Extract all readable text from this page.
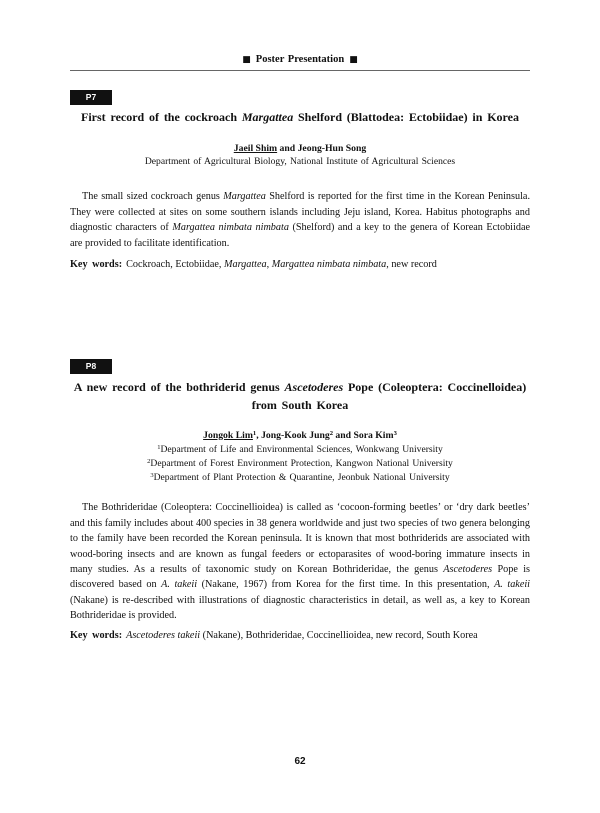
■ Poster Presentation ■
P7
First record of the cockroach Margattea Shelford (Blattodea: Ectobiidae) in Korea
Jaeil Shim and Jeong-Hun Song
Department of Agricultural Biology, National Institute of Agricultural Sciences
The small sized cockroach genus Margattea Shelford is reported for the first time in the Korean Peninsula.
They were collected at sites on some southern islands including Jeju island, Korea. Habitus photographs and
diagnostic characters of Margattea nimbata nimbata (Shelford) and a key to the genera of Korean Ectobiidae
are provided to facilitate identification.
Key words: Cockroach, Ectobiidae, Margattea, Margattea nimbata nimbata, new record
P8
A new record of the bothriderid genus Ascetoderes Pope (Coleoptera: Coccinelloidea)
from South Korea
Jongok Lim$^1$, Jong-Kook Jung$^2$ and Sora Kim$^3$
$^1$Department of Life and Environmental Sciences, Wonkwang University
$^2$Department of Forest Environment Protection, Kangwon National University
$^3$Department of Plant Protection & Quarantine, Jeonbuk National University
The Bothrideridae (Coleoptera: Coccinellioidea) is called as ‘cocoon-forming beetles’ or ‘dry dark beetles’
and this family includes about 400 species in 38 genera worldwide and just two species of two genera belonging
to the family have been recorded the Korean peninsula. It is known that most bothriderids are associated with
wood-boring insects and are known as fungal feeders or ectoparasites of wood-boring immature insects in
many studies. As a results of taxonomic study on Korean Bothrideridae, the genus Ascetoderes Pope is
discovered based on A. takeii (Nakane, 1967) from Korea for the first time. In this presentation, A. takeii
(Nakane) is re-described with illustrations of diagnostic characteristics in detail, as well as, a key to Korean
Bothrideridae is provided.
Key words: Ascetoderes takeii (Nakane), Bothrideridae, Coccinellioidea, new record, South Korea
62
